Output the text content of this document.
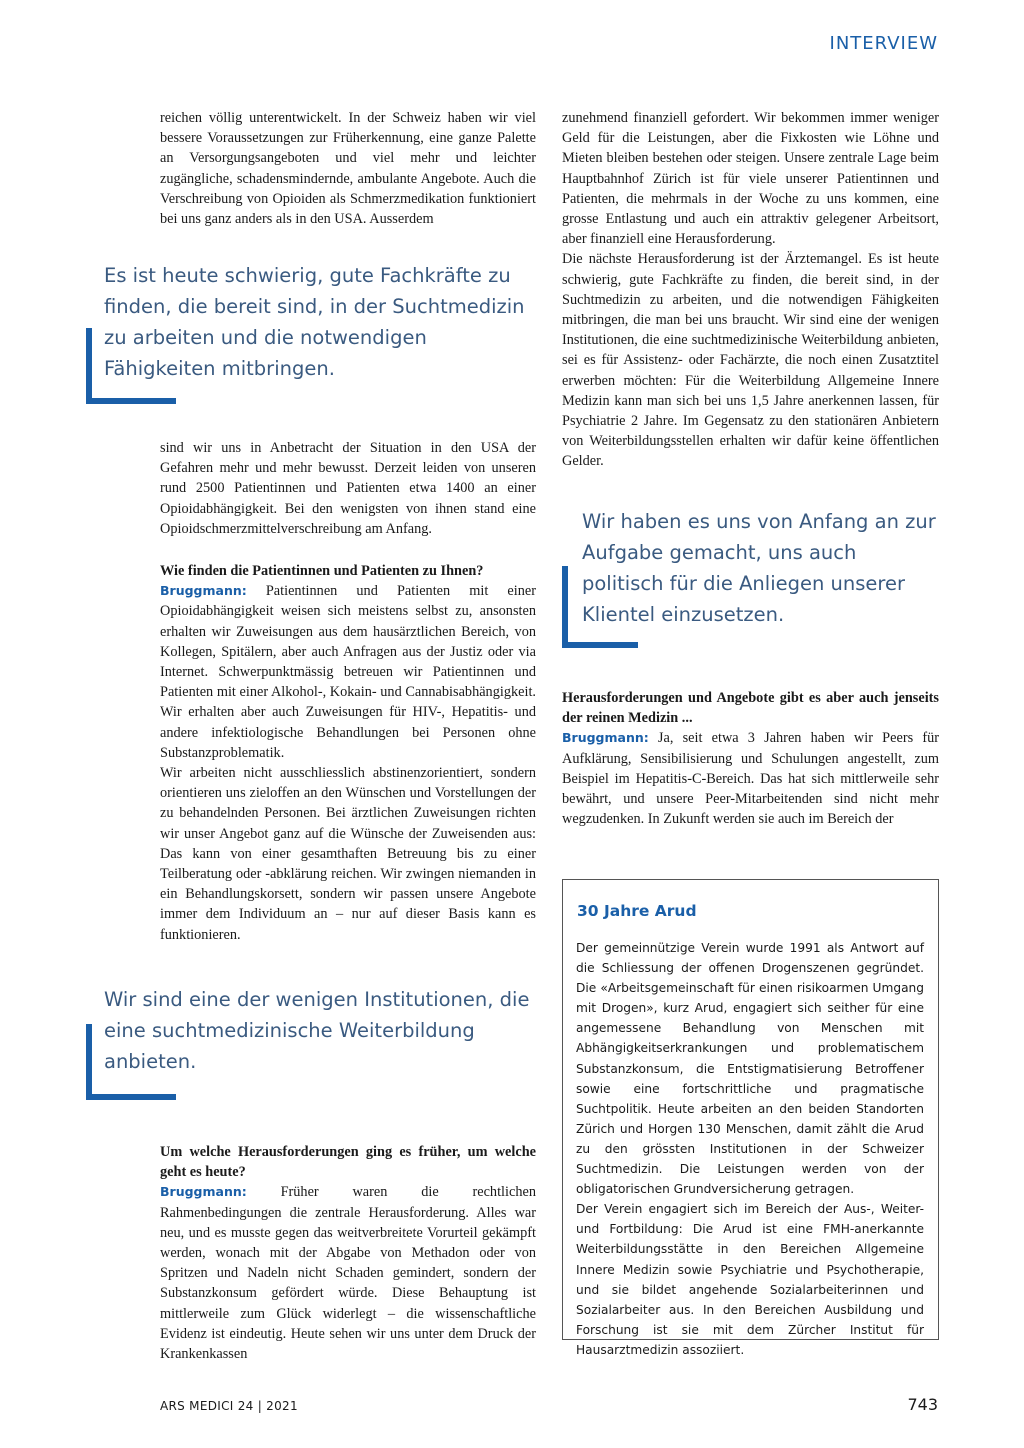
INTERVIEW

reichen völlig unterentwickelt. In der Schweiz haben wir viel bessere Voraussetzungen zur Früherkennung, eine ganze Palette an Versorgungsangeboten und viel mehr und leichter zugängliche, schadensmindernde, ambulante Angebote. Auch die Verschreibung von Opioiden als Schmerzmedikation funktioniert bei uns ganz anders als in den USA. Ausserdem

Es ist heute schwierig, gute Fachkräfte zu finden, die bereit sind, in der Suchtmedizin zu arbeiten und die notwendigen Fähigkeiten mitbringen.

sind wir uns in Anbetracht der Situation in den USA der Gefahren mehr und mehr bewusst. Derzeit leiden von unseren rund 2500 Patientinnen und Patienten etwa 1400 an einer Opioidabhängigkeit. Bei den wenigsten von ihnen stand eine Opioidschmerzmittelverschreibung am Anfang.

Wie finden die Patientinnen und Patienten zu Ihnen?

Bruggmann: Patientinnen und Patienten mit einer Opioidabhängigkeit weisen sich meistens selbst zu, ansonsten erhalten wir Zuweisungen aus dem hausärztlichen Bereich, von Kollegen, Spitälern, aber auch Anfragen aus der Justiz oder via Internet. Schwerpunktmässig betreuen wir Patientinnen und Patienten mit einer Alkohol-, Kokain- und Cannabisabhängigkeit. Wir erhalten aber auch Zuweisungen für HIV-, Hepatitis- und andere infektiologische Behandlungen bei Personen ohne Substanzproblematik.

Wir arbeiten nicht ausschliesslich abstinenzorientiert, sondern orientieren uns zieloffen an den Wünschen und Vorstellungen der zu behandelnden Personen. Bei ärztlichen Zuweisungen richten wir unser Angebot ganz auf die Wünsche der Zuweisenden aus: Das kann von einer gesamthaften Betreuung bis zu einer Teilberatung oder -abklärung reichen. Wir zwingen niemanden in ein Behandlungskorsett, sondern wir passen unsere Angebote immer dem Individuum an – nur auf dieser Basis kann es funktionieren.

Wir sind eine der wenigen Institutionen, die eine suchtmedizinische Weiterbildung anbieten.

Um welche Herausforderungen ging es früher, um welche geht es heute?

Bruggmann: Früher waren die rechtlichen Rahmenbedingungen die zentrale Herausforderung. Alles war neu, und es musste gegen das weitverbreitete Vorurteil gekämpft werden, wonach mit der Abgabe von Methadon oder von Spritzen und Nadeln nicht Schaden gemindert, sondern der Substanzkonsum gefördert würde. Diese Behauptung ist mittlerweile zum Glück widerlegt – die wissenschaftliche Evidenz ist eindeutig. Heute sehen wir uns unter dem Druck der Krankenkassen

zunehmend finanziell gefordert. Wir bekommen immer weniger Geld für die Leistungen, aber die Fixkosten wie Löhne und Mieten bleiben bestehen oder steigen. Unsere zentrale Lage beim Hauptbahnhof Zürich ist für viele unserer Patientinnen und Patienten, die mehrmals in der Woche zu uns kommen, eine grosse Entlastung und auch ein attraktiv gelegener Arbeitsort, aber finanziell eine Herausforderung.

Die nächste Herausforderung ist der Ärztemangel. Es ist heute schwierig, gute Fachkräfte zu finden, die bereit sind, in der Suchtmedizin zu arbeiten, und die notwendigen Fähigkeiten mitbringen, die man bei uns braucht. Wir sind eine der wenigen Institutionen, die eine suchtmedizinische Weiterbildung anbieten, sei es für Assistenz- oder Fachärzte, die noch einen Zusatztitel erwerben möchten: Für die Weiterbildung Allgemeine Innere Medizin kann man sich bei uns 1,5 Jahre anerkennen lassen, für Psychiatrie 2 Jahre. Im Gegensatz zu den stationären Anbietern von Weiterbildungsstellen erhalten wir dafür keine öffentlichen Gelder.

Wir haben es uns von Anfang an zur Aufgabe gemacht, uns auch politisch für die Anliegen unserer Klientel einzusetzen.

Herausforderungen und Angebote gibt es aber auch jenseits der reinen Medizin ...

Bruggmann: Ja, seit etwa 3 Jahren haben wir Peers für Aufklärung, Sensibilisierung und Schulungen angestellt, zum Beispiel im Hepatitis-C-Bereich. Das hat sich mittlerweile sehr bewährt, und unsere Peer-Mitarbeitenden sind nicht mehr wegzudenken. In Zukunft werden sie auch im Bereich der

30 Jahre Arud

Der gemeinnützige Verein wurde 1991 als Antwort auf die Schliessung der offenen Drogenszenen gegründet. Die «Arbeitsgemeinschaft für einen risikoarmen Umgang mit Drogen», kurz Arud, engagiert sich seither für eine angemessene Behandlung von Menschen mit Abhängigkeitserkrankungen und problematischem Substanzkonsum, die Entstigmatisierung Betroffener sowie eine fortschrittliche und pragmatische Suchtpolitik. Heute arbeiten an den beiden Standorten Zürich und Horgen 130 Menschen, damit zählt die Arud zu den grössten Institutionen in der Schweizer Suchtmedizin. Die Leistungen werden von der obligatorischen Grundversicherung getragen.

Der Verein engagiert sich im Bereich der Aus-, Weiter- und Fortbildung: Die Arud ist eine FMH-anerkannte Weiterbildungsstätte in den Bereichen Allgemeine Innere Medizin sowie Psychiatrie und Psychotherapie, und sie bildet angehende Sozialarbeiterinnen und Sozialarbeiter aus. In den Bereichen Ausbildung und Forschung ist sie mit dem Zürcher Institut für Hausarztmedizin assoziiert.

ARS MEDICI 24 | 2021	743
